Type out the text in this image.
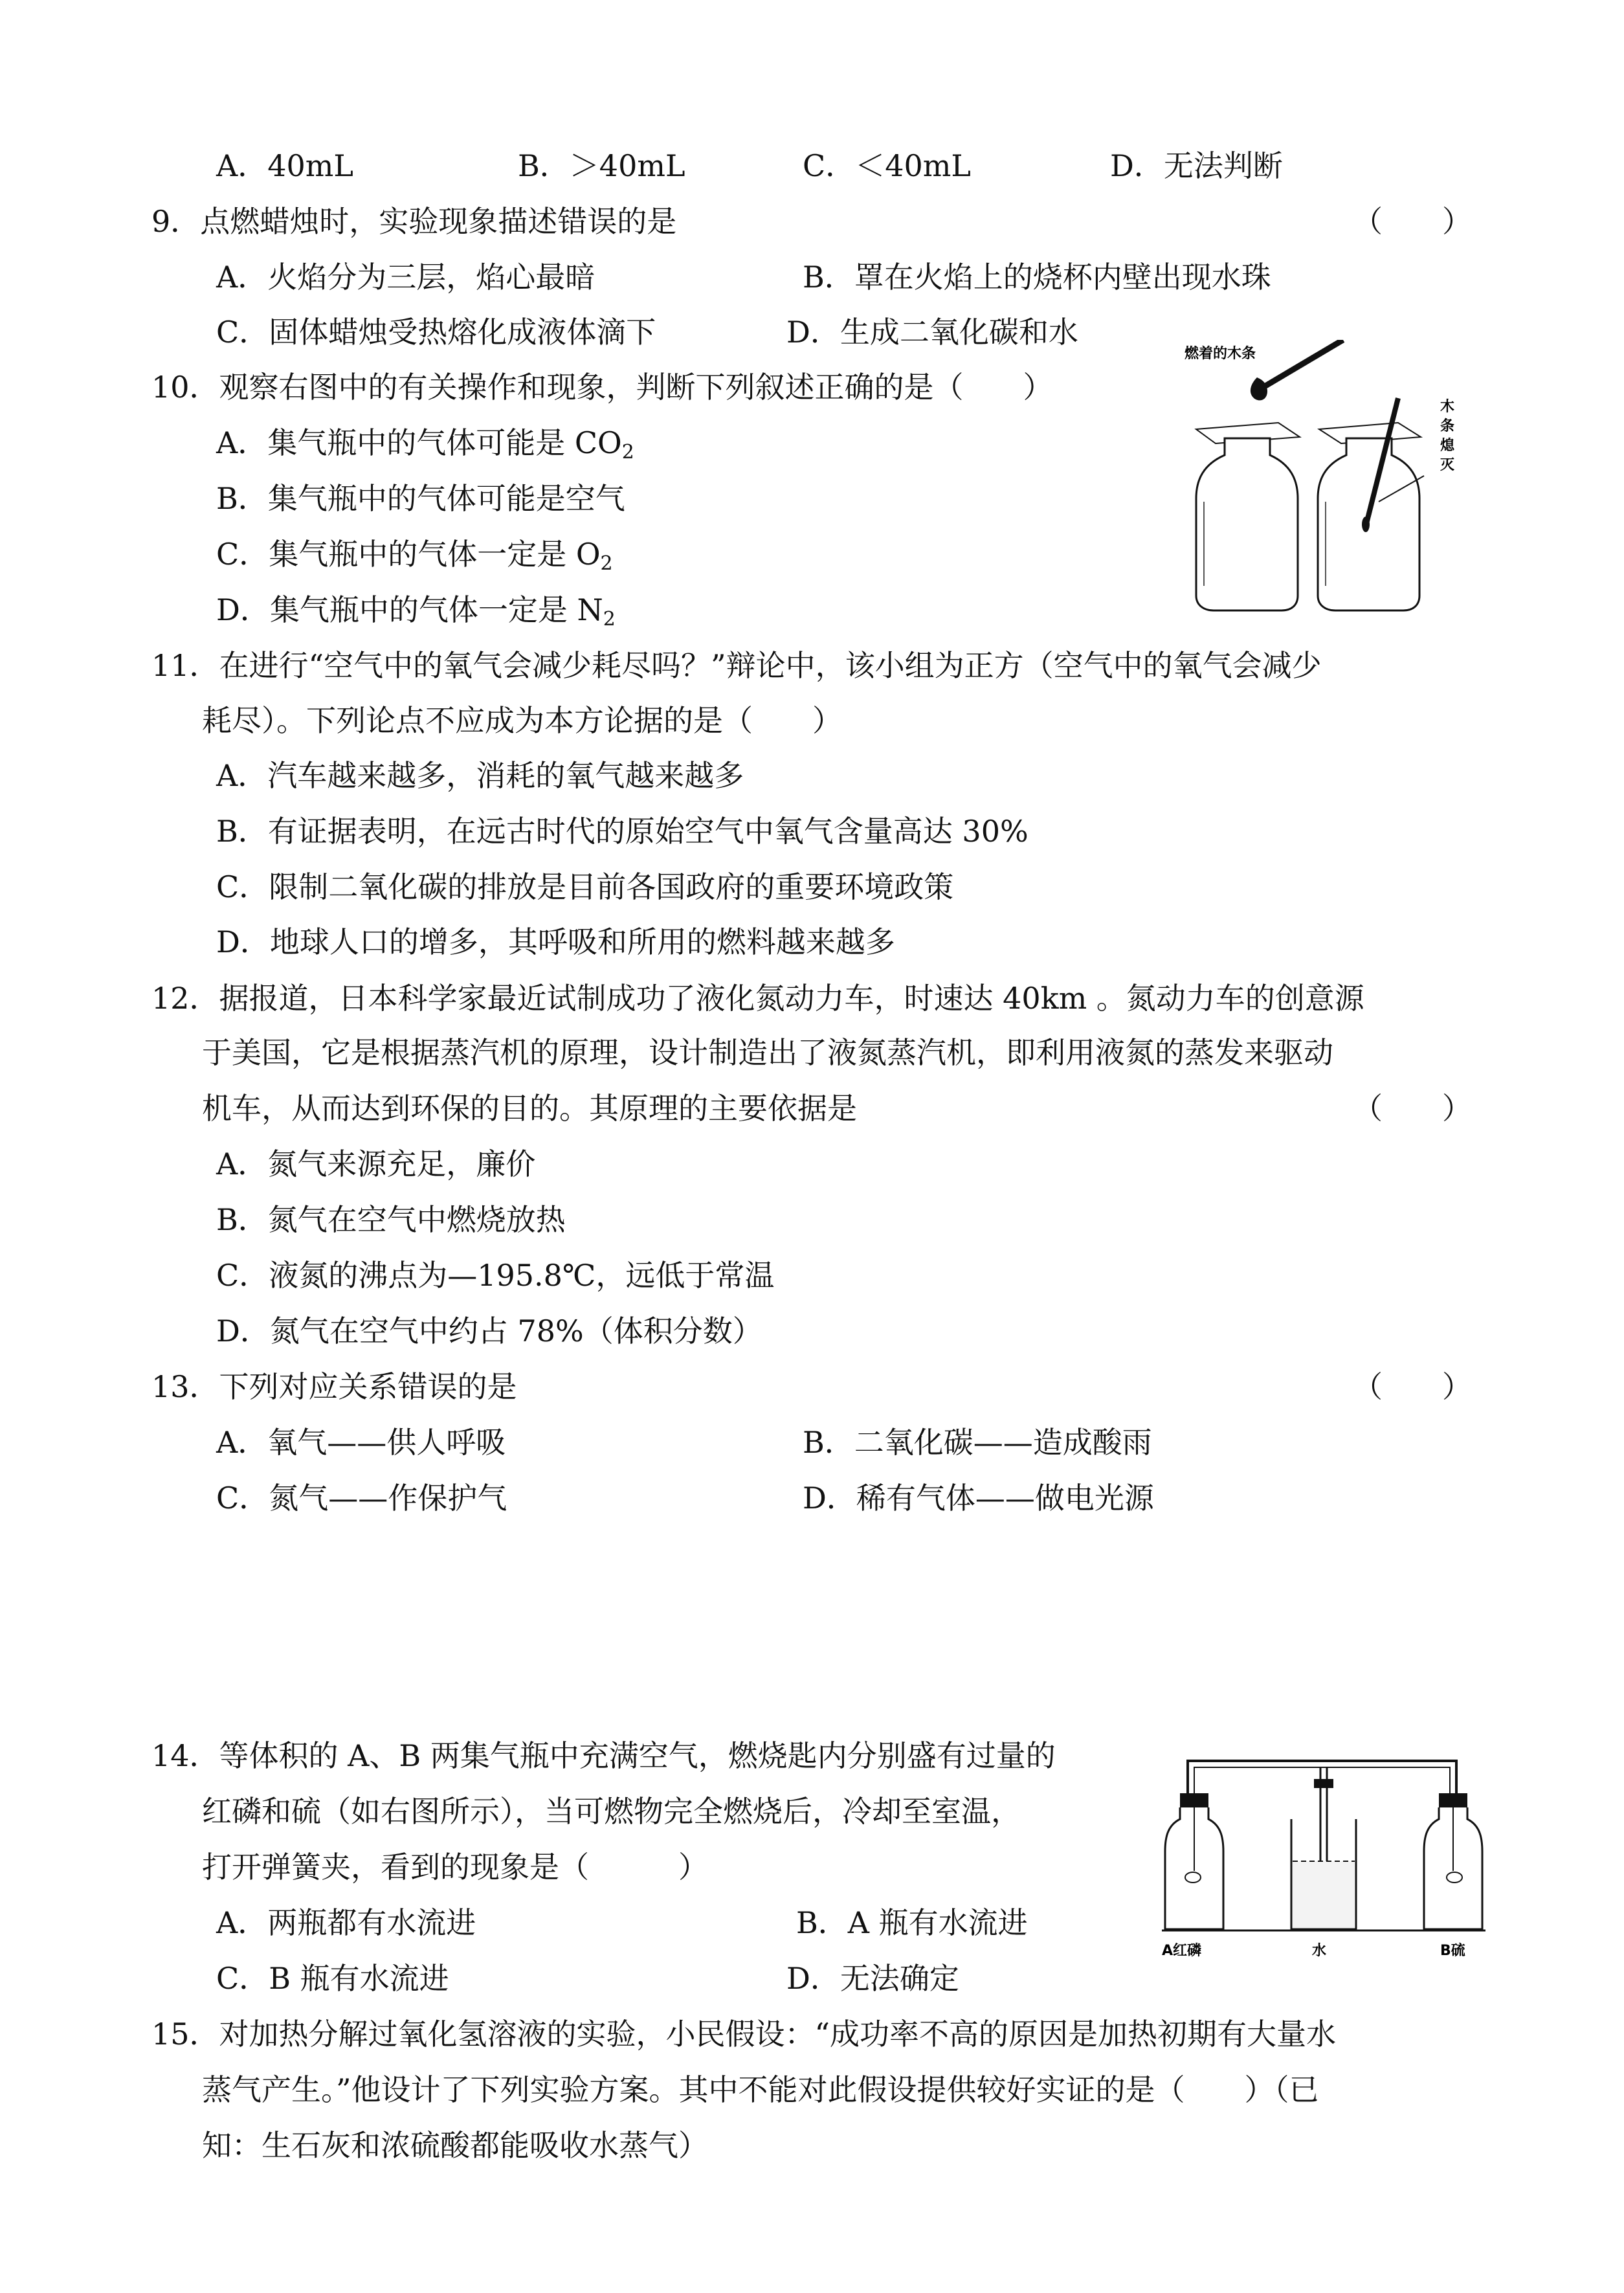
A．40mL	B．＞40mL	C．＜40mL	D．无法判断
9．点燃蜡烛时，实验现象描述错误的是	（　　）
A．火焰分为三层，焰心最暗	B．罩在火焰上的烧杯内壁出现水珠
C．固体蜡烛受热熔化成液体滴下	D．生成二氧化碳和水
10．观察右图中的有关操作和现象，判断下列叙述正确的是（　　）
A．集气瓶中的气体可能是 $CO_2$
B．集气瓶中的气体可能是空气
C．集气瓶中的气体一定是 $O_2$
D．集气瓶中的气体一定是 $N_2$
燃着的木条
木
条
熄
灭
11．在进行“空气中的氧气会减少耗尽吗？”辩论中，该小组为正方（空气中的氧气会减少
耗尽）。下列论点不应成为本方论据的是（　　）
A．汽车越来越多，消耗的氧气越来越多
B．有证据表明，在远古时代的原始空气中氧气含量高达 30%
C．限制二氧化碳的排放是目前各国政府的重要环境政策
D．地球人口的增多，其呼吸和所用的燃料越来越多
12．据报道，日本科学家最近试制成功了液化氮动力车，时速达 40km 。氮动力车的创意源
于美国，它是根据蒸汽机的原理，设计制造出了液氮蒸汽机，即利用液氮的蒸发来驱动
机车，从而达到环保的目的。其原理的主要依据是	（　　）
A．氮气来源充足，廉价
B．氮气在空气中燃烧放热
C．液氮的沸点为—195.8℃，远低于常温
D．氮气在空气中约占 78%（体积分数）
13．下列对应关系错误的是	（　　）
A．氧气——供人呼吸	B．二氧化碳——造成酸雨
C．氮气——作保护气	D．稀有气体——做电光源
14．等体积的 A、B 两集气瓶中充满空气，燃烧匙内分别盛有过量的
红磷和硫（如右图所示），当可燃物完全燃烧后，冷却至室温，
打开弹簧夹，看到的现象是（　　　）
A．两瓶都有水流进	B．A 瓶有水流进
C．B 瓶有水流进	D．无法确定
A红磷	水	B硫
15．对加热分解过氧化氢溶液的实验，小民假设：“成功率不高的原因是加热初期有大量水
蒸气产生。”他设计了下列实验方案。其中不能对此假设提供较好实证的是（　　）（已
知：生石灰和浓硫酸都能吸收水蒸气）
